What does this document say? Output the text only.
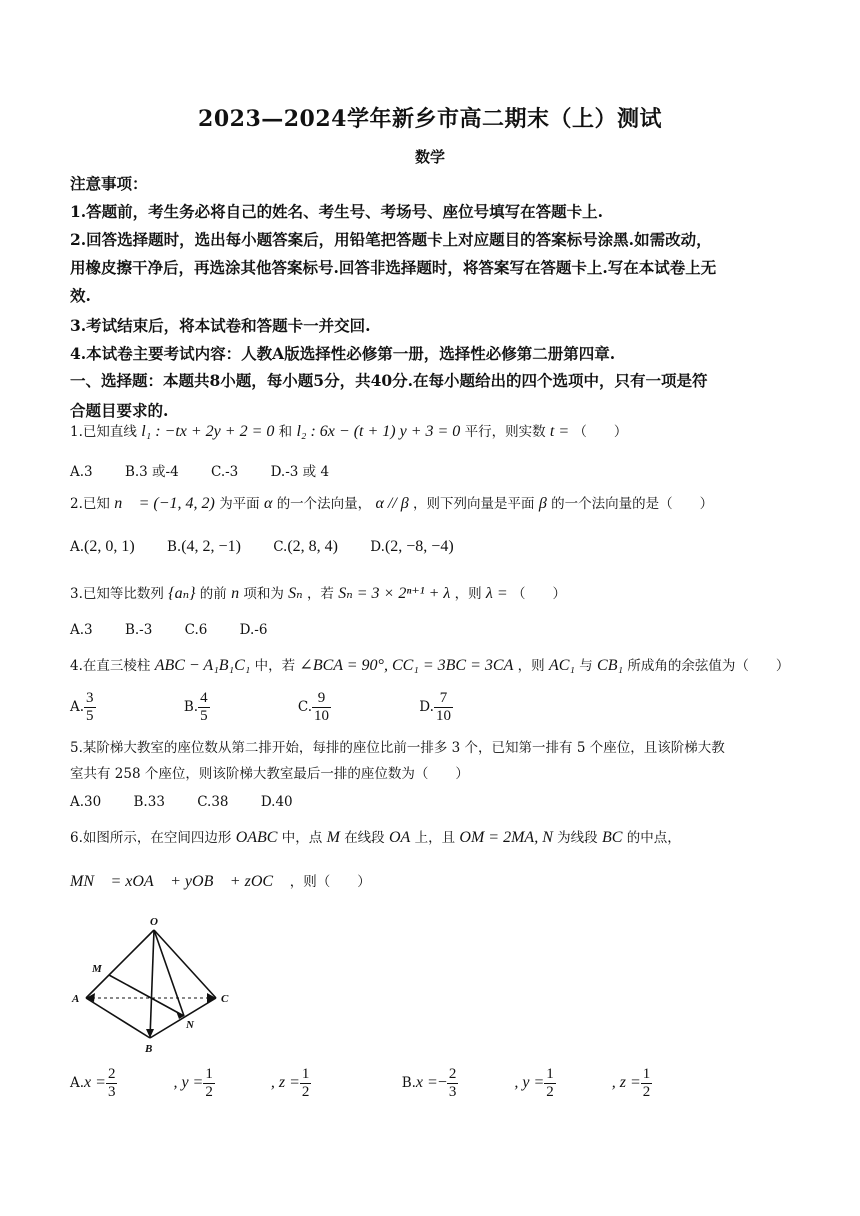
2023—2024学年新乡市高二期末（上）测试
数学
注意事项：
1.答题前，考生务必将自己的姓名、考生号、考场号、座位号填写在答题卡上.
2.回答选择题时，选出每小题答案后，用铅笔把答题卡上对应题目的答案标号涂黑.如需改动，
用橡皮擦干净后，再选涂其他答案标号.回答非选择题时，将答案写在答题卡上.写在本试卷上无
效.
3.考试结束后，将本试卷和答题卡一并交回.
4.本试卷主要考试内容：人教A版选择性必修第一册，选择性必修第二册第四章.
一、选择题：本题共8小题，每小题5分，共40分.在每小题给出的四个选项中，只有一项是符
合题目要求的.
1.已知直线 l₁ : −tx + 2y + 2 = 0 和 l₂ : 6x − (t + 1) y + 3 = 0 平行，则实数 t = （　　）
A.3 B.3 或-4 C.-3 D.-3 或 4
2.已知 n⃗ = (−1, 4, 2) 为平面 α 的一个法向量， α // β ，则下列向量是平面 β 的一个法向量的是（　　）
A.(2, 0, 1) B.(4, 2, −1) C.(2, 8, 4) D.(2, −8, −4)
3.已知等比数列 {aₙ} 的前 n 项和为 Sₙ ，若 Sₙ = 3 × 2ⁿ⁺¹ + λ ，则 λ = （　　）
A.3 B.-3 C.6 D.-6
4.在直三棱柱 ABC − A₁B₁C₁ 中，若 ∠BCA = 90°, CC₁ = 3BC = 3CA ，则 AC₁ 与 CB₁ 所成角的余弦值为（　　）
A. $\frac{3}{5}$	B. $\frac{4}{5}$	C. $\frac{9}{10}$	D. $\frac{7}{10}$
5.某阶梯大教室的座位数从第二排开始，每排的座位比前一排多 3 个，已知第一排有 5 个座位，且该阶梯大教
室共有 258 个座位，则该阶梯大教室最后一排的座位数为（　　）
A.30 B.33 C.38 D.40
6.如图所示，在空间四边形 OABC 中，点 M 在线段 OA 上，且 OM = 2MA, N 为线段 BC 的中点，
MN⃗ = xOA⃗ + yOB⃗ + zOC⃗ ，则（　　）
O
M
A	C
N
B
$A.x = \frac{2}{3}$ , $y = \frac{1}{2}$ , $z = \frac{1}{2}$	$B.x =- \frac{2}{3}$ , $y = \frac{1}{2}$ , $z = \frac{1}{2}$
